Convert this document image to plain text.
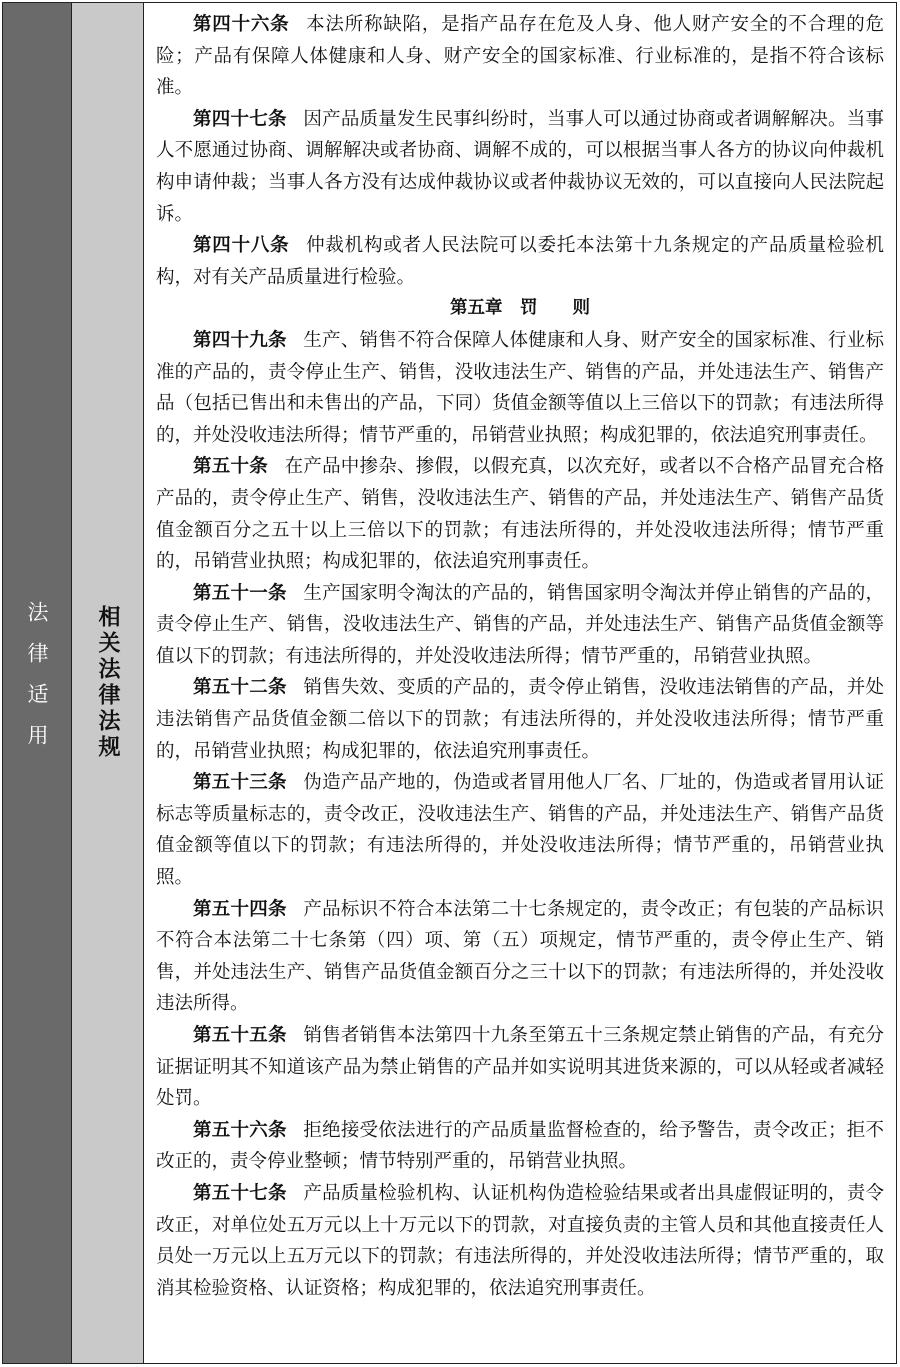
法律适用 相关法律法规

第四十六条 本法所称缺陷，是指产品存在危及人身、他人财产安全的不合理的危险；产品有保障人体健康和人身、财产安全的国家标准、行业标准的，是指不符合该标准。

第四十七条 因产品质量发生民事纠纷时，当事人可以通过协商或者调解解决。当事人不愿通过协商、调解解决或者协商、调解不成的，可以根据当事人各方的协议向仲裁机构申请仲裁；当事人各方没有达成仲裁协议或者仲裁协议无效的，可以直接向人民法院起诉。

第四十八条 仲裁机构或者人民法院可以委托本法第十九条规定的产品质量检验机构，对有关产品质量进行检验。

第五章　罚　　则

第四十九条 生产、销售不符合保障人体健康和人身、财产安全的国家标准、行业标准的产品的，责令停止生产、销售，没收违法生产、销售的产品，并处违法生产、销售产品（包括已售出和未售出的产品，下同）货值金额等值以上三倍以下的罚款；有违法所得的，并处没收违法所得；情节严重的，吊销营业执照；构成犯罪的，依法追究刑事责任。

第五十条 在产品中掺杂、掺假，以假充真，以次充好，或者以不合格产品冒充合格产品的，责令停止生产、销售，没收违法生产、销售的产品，并处违法生产、销售产品货值金额百分之五十以上三倍以下的罚款；有违法所得的，并处没收违法所得；情节严重的，吊销营业执照；构成犯罪的，依法追究刑事责任。

第五十一条 生产国家明令淘汰的产品的，销售国家明令淘汰并停止销售的产品的，责令停止生产、销售，没收违法生产、销售的产品，并处违法生产、销售产品货值金额等值以下的罚款；有违法所得的，并处没收违法所得；情节严重的，吊销营业执照。

第五十二条 销售失效、变质的产品的，责令停止销售，没收违法销售的产品，并处违法销售产品货值金额二倍以下的罚款；有违法所得的，并处没收违法所得；情节严重的，吊销营业执照；构成犯罪的，依法追究刑事责任。

第五十三条 伪造产品产地的，伪造或者冒用他人厂名、厂址的，伪造或者冒用认证标志等质量标志的，责令改正，没收违法生产、销售的产品，并处违法生产、销售产品货值金额等值以下的罚款；有违法所得的，并处没收违法所得；情节严重的，吊销营业执照。

第五十四条 产品标识不符合本法第二十七条规定的，责令改正；有包装的产品标识不符合本法第二十七条第（四）项、第（五）项规定，情节严重的，责令停止生产、销售，并处违法生产、销售产品货值金额百分之三十以下的罚款；有违法所得的，并处没收违法所得。

第五十五条 销售者销售本法第四十九条至第五十三条规定禁止销售的产品，有充分证据证明其不知道该产品为禁止销售的产品并如实说明其进货来源的，可以从轻或者减轻处罚。

第五十六条 拒绝接受依法进行的产品质量监督检查的，给予警告，责令改正；拒不改正的，责令停业整顿；情节特别严重的，吊销营业执照。

第五十七条 产品质量检验机构、认证机构伪造检验结果或者出具虚假证明的，责令改正，对单位处五万元以上十万元以下的罚款，对直接负责的主管人员和其他直接责任人员处一万元以上五万元以下的罚款；有违法所得的，并处没收违法所得；情节严重的，取消其检验资格、认证资格；构成犯罪的，依法追究刑事责任。
